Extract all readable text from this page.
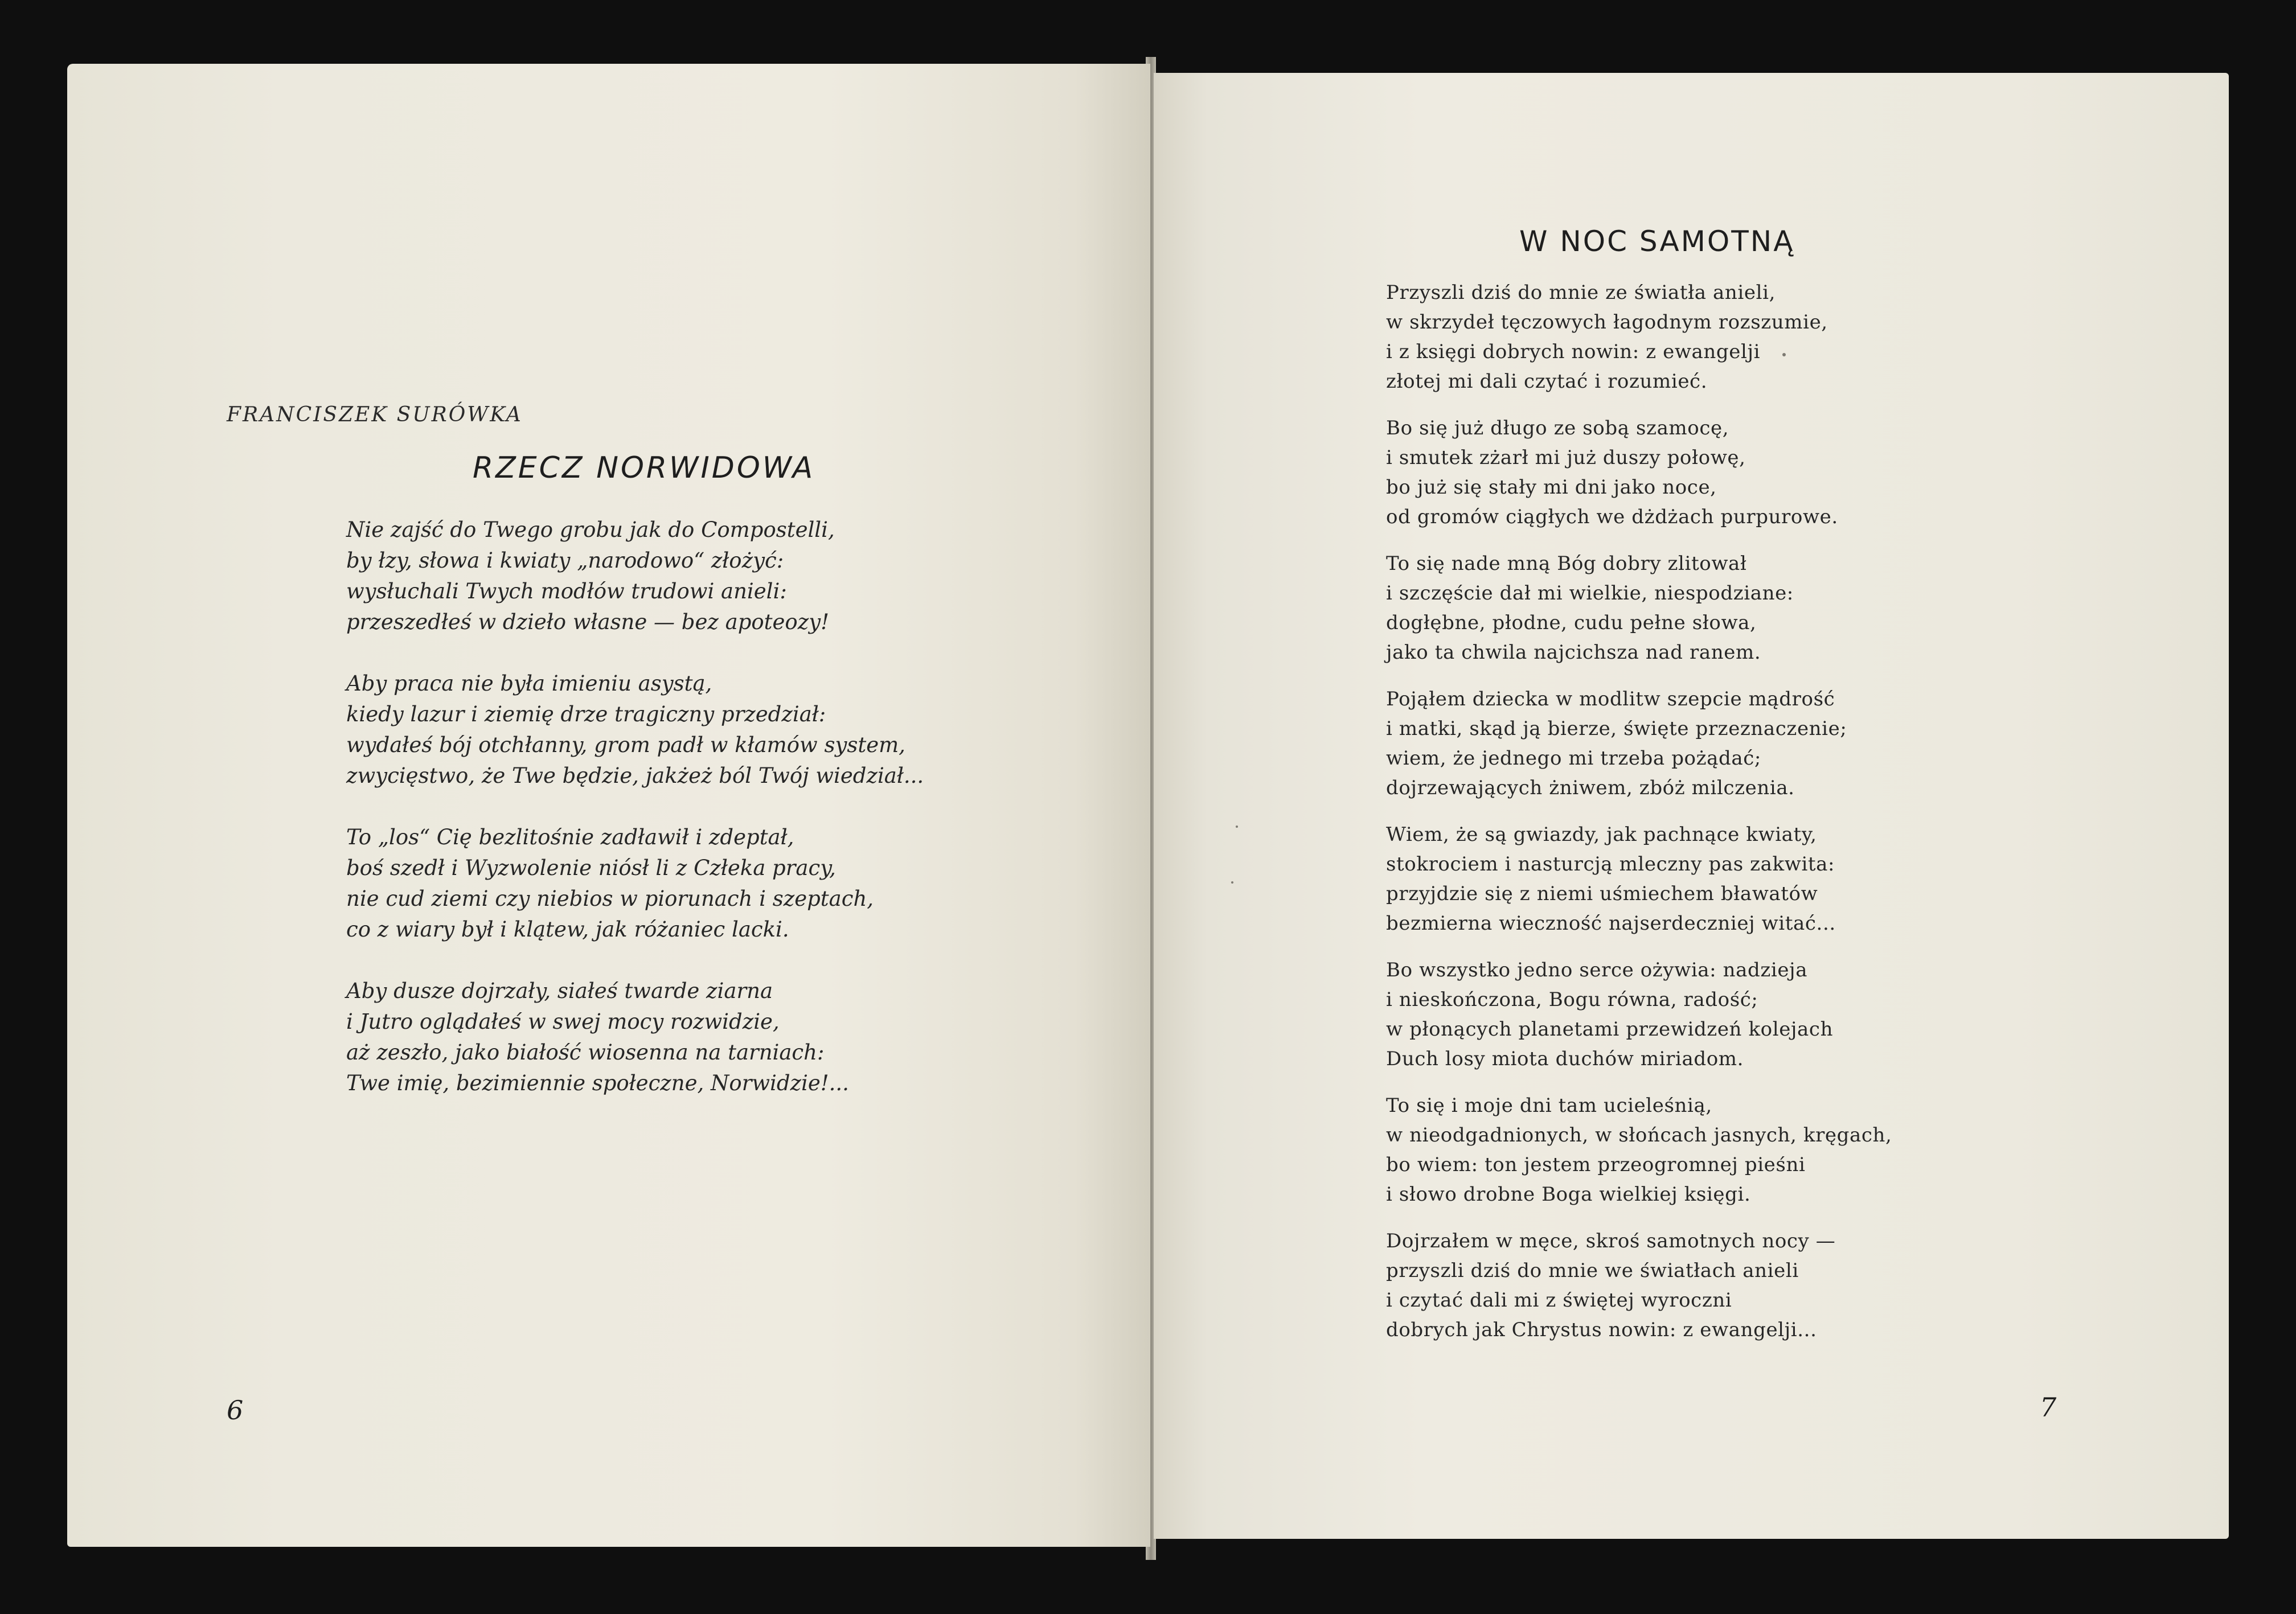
FRANCISZEK SURÓWKA
RZECZ NORWIDOWA
Nie zajść do Twego grobu jak do Compostelli,
by łzy, słowa i kwiaty „narodowo“ złożyć:
wysłuchali Twych modłów trudowi anieli:
przeszedłeś w dzieło własne — bez apoteozy!
Aby praca nie była imieniu asystą,
kiedy lazur i ziemię drze tragiczny przedział:
wydałeś bój otchłanny, grom padł w kłamów system,
zwycięstwo, że Twe będzie, jakżeż ból Twój wiedział...
To „los“ Cię bezlitośnie zadławił i zdeptał,
boś szedł i Wyzwolenie niósł li z Człeka pracy,
nie cud ziemi czy niebios w piorunach i szeptach,
co z wiary był i klątew, jak różaniec lacki.
Aby dusze dojrzały, siałeś twarde ziarna
i Jutro oglądałeś w swej mocy rozwidzie,
aż zeszło, jako białość wiosenna na tarniach:
Twe imię, bezimiennie społeczne, Norwidzie!...
6
W NOC SAMOTNĄ
Przyszli dziś do mnie ze światła anieli,
w skrzydeł tęczowych łagodnym rozszumie,
i z księgi dobrych nowin: z ewangelji
złotej mi dali czytać i rozumieć.
Bo się już długo ze sobą szamocę,
i smutek zżarł mi już duszy połowę,
bo już się stały mi dni jako noce,
od gromów ciągłych we dżdżach purpurowe.
To się nade mną Bóg dobry zlitował
i szczęście dał mi wielkie, niespodziane:
dogłębne, płodne, cudu pełne słowa,
jako ta chwila najcichsza nad ranem.
Pojąłem dziecka w modlitw szepcie mądrość
i matki, skąd ją bierze, święte przeznaczenie;
wiem, że jednego mi trzeba pożądać;
dojrzewających żniwem, zbóż milczenia.
Wiem, że są gwiazdy, jak pachnące kwiaty,
stokrociem i nasturcją mleczny pas zakwita:
przyjdzie się z niemi uśmiechem bławatów
bezmierna wieczność najserdeczniej witać...
Bo wszystko jedno serce ożywia: nadzieja
i nieskończona, Bogu równa, radość;
w płonących planetami przewidzeń kolejach
Duch losy miota duchów miriadom.
To się i moje dni tam ucieleśnią,
w nieodgadnionych, w słońcach jasnych, kręgach,
bo wiem: ton jestem przeogromnej pieśni
i słowo drobne Boga wielkiej księgi.
Dojrzałem w męce, skroś samotnych nocy —
przyszli dziś do mnie we światłach anieli
i czytać dali mi z świętej wyroczni
dobrych jak Chrystus nowin: z ewangelji...
7
